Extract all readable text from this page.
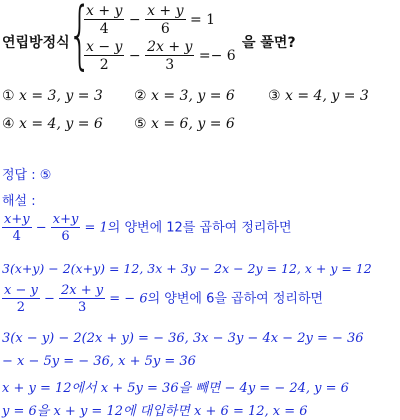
연립방정식
{
$\frac{x + y}{4} - \frac{x + y}{6} = 1$
$\frac{x - y}{2} - \frac{2x + y}{3} =- 6$
을 풀면?
① x = 3, y = 3 ② x = 3, y = 6 ③ x = 4, y = 3
④ x = 4, y = 6 ⑤ x = 6, y = 6
정답 : ⑤
해설 :
$\frac{x+y}{4} - \frac{x+y}{6} = 1$의 양변에 12를 곱하여 정리하면
3(x+y) − 2(x+y) = 12, 3x + 3y − 2x − 2y = 12, x + y = 12
$\frac{x - y}{2} - \frac{2x + y}{3}$ = − 6의 양변에 6을 곱하여 정리하면
3(x − y) − 2(2x + y) = − 36, 3x − 3y − 4x − 2y = − 36
− x − 5y = − 36, x + 5y = 36
x + y = 12에서 x + 5y = 36을 빼면 − 4y = − 24, y = 6
y = 6을 x + y = 12에 대입하면 x + 6 = 12, x = 6
